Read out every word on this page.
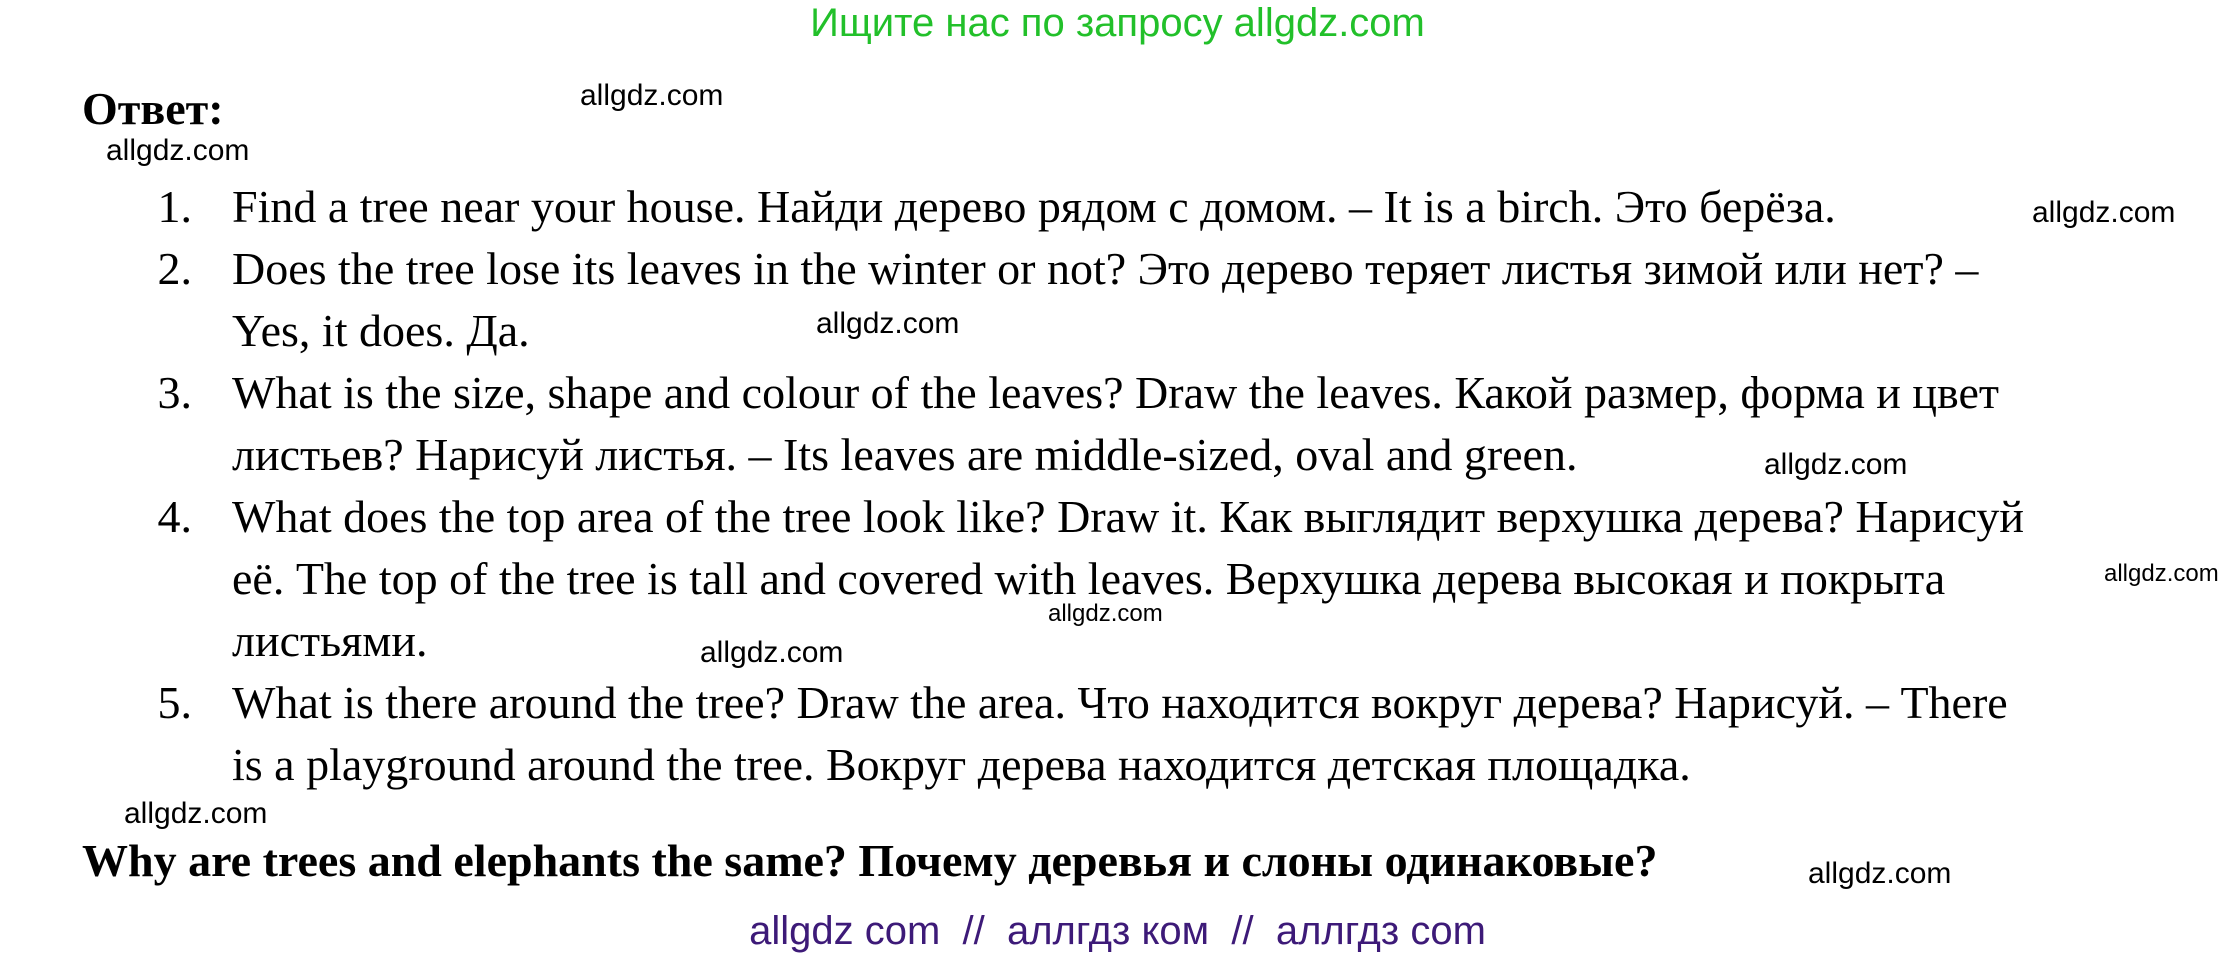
Ищите нас по запросу allgdz.com
Ответ:	allgdz.com
allgdz.com
allgdz.com
allgdz.com
allgdz.com
allgdz.com
allgdz.com
allgdz.com
allgdz.com
allgdz.com
1. Find a tree near your house. Найди дерево рядом с домом. – It is a birch. Это берёза.
2. Does the tree lose its leaves in the winter or not? Это дерево теряет листья зимой или нет? –
Yes, it does. Да.
3. What is the size, shape and colour of the leaves? Draw the leaves. Какой размер, форма и цвет
листьев? Нарисуй листья. – Its leaves are middle-sized, oval and green.
4. What does the top area of the tree look like? Draw it. Как выглядит верхушка дерева? Нарисуй
её. The top of the tree is tall and covered with leaves. Верхушка дерева высокая и покрыта
листьями.
5. What is there around the tree? Draw the area. Что находится вокруг дерева? Нарисуй. – There
is a playground around the tree. Вокруг дерева находится детская площадка.
Why are trees and elephants the same? Почему деревья и слоны одинаковые?
allgdz com  //  аллгдз ком  //  аллгдз com
